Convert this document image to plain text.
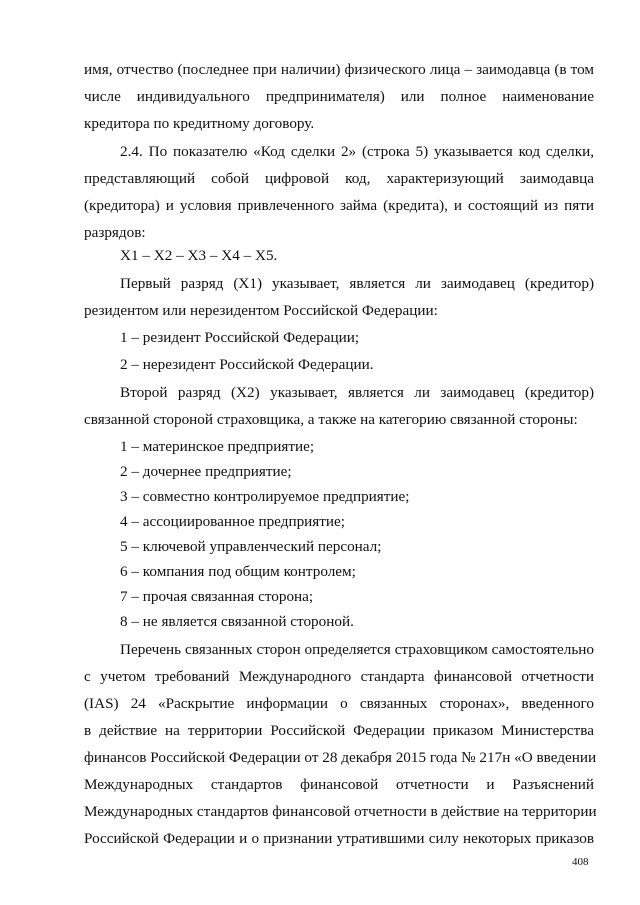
имя, отчество (последнее при наличии) физического лица – заимодавца (в том
числе индивидуального предпринимателя) или полное наименование
кредитора по кредитному договору.
2.4. По показателю «Код сделки 2» (строка 5) указывается код сделки,
представляющий собой цифровой код, характеризующий заимодавца
(кредитора) и условия привлеченного займа (кредита), и состоящий из пяти
разрядов:
X1 – X2 – X3 – X4 – X5.
Первый разряд (X1) указывает, является ли заимодавец (кредитор)
резидентом или нерезидентом Российской Федерации:
1 – резидент Российской Федерации;
2 – нерезидент Российской Федерации.
Второй разряд (X2) указывает, является ли заимодавец (кредитор)
связанной стороной страховщика, а также на категорию связанной стороны:
1 – материнское предприятие;
2 – дочернее предприятие;
3 – совместно контролируемое предприятие;
4 – ассоциированное предприятие;
5 – ключевой управленческий персонал;
6 – компания под общим контролем;
7 – прочая связанная сторона;
8 – не является связанной стороной.
Перечень связанных сторон определяется страховщиком самостоятельно
с учетом требований Международного стандарта финансовой отчетности
(IAS) 24 «Раскрытие информации о связанных сторонах», введенного
в действие на территории Российской Федерации приказом Министерства
финансов Российской Федерации от 28 декабря 2015 года № 217н «О введении
Международных стандартов финансовой отчетности и Разъяснений
Международных стандартов финансовой отчетности в действие на территории
Российской Федерации и о признании утратившими силу некоторых приказов
408
